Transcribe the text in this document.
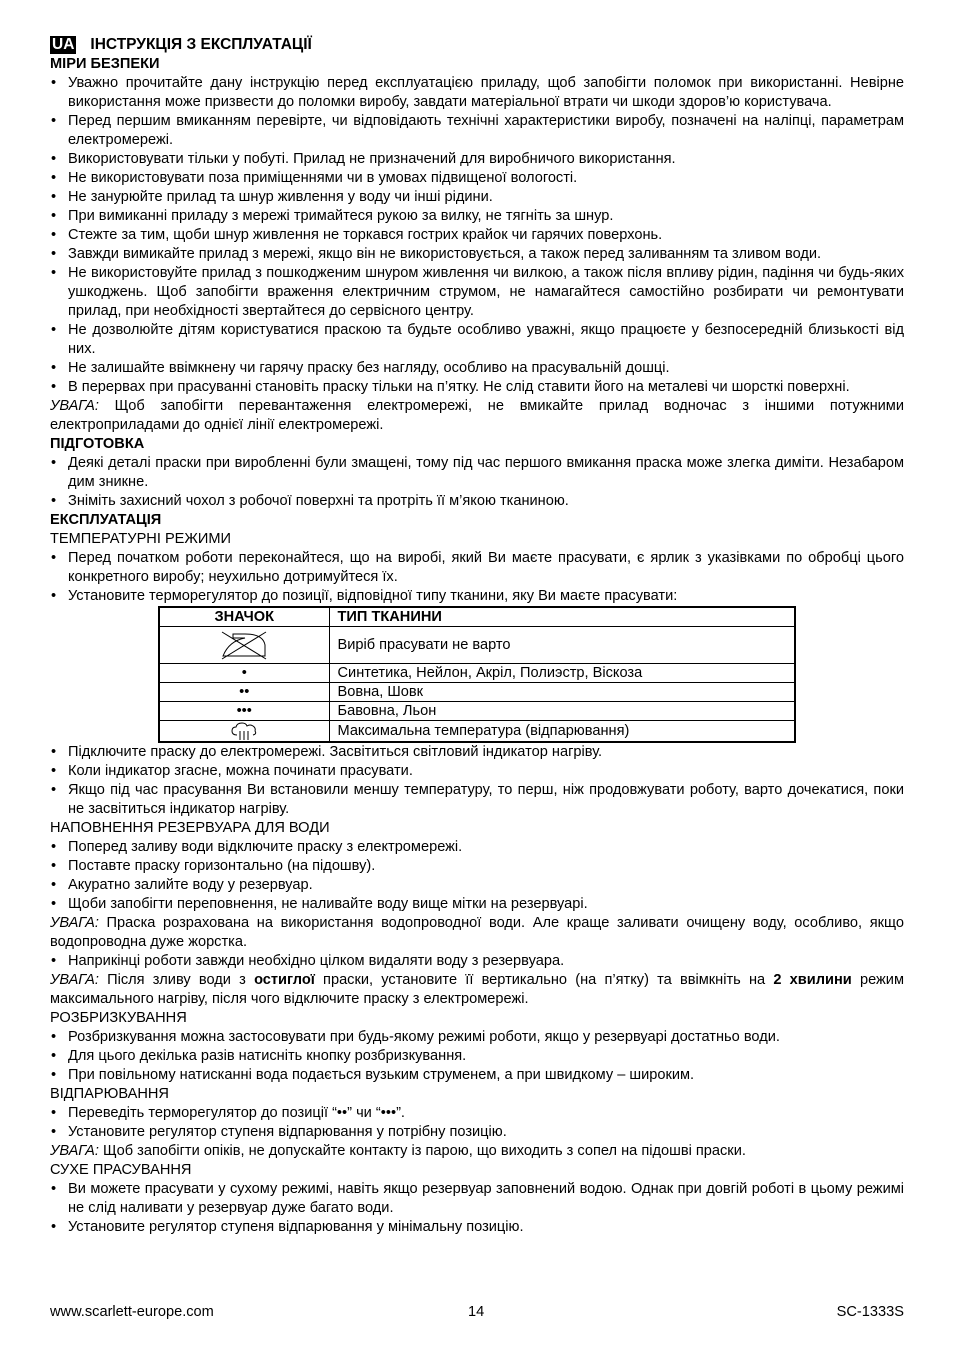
UA ІНСТРУКЦІЯ З ЕКСПЛУАТАЦІЇ
МІРИ БЕЗПЕКИ
• Уважно прочитайте дану інструкцію перед експлуатацією приладу, щоб запобігти поломок при використанні. Невірне використання може призвести до поломки виробу, завдати матеріальної втрати чи шкоди здоров’ю користувача.
• Перед першим вмиканням перевірте, чи відповідають технічні характеристики виробу, позначені на наліпці, параметрам електромережі.
• Використовувати тільки у побуті. Прилад не призначений для виробничого використання.
• Не використовувати поза приміщеннями чи в умовах підвищеної вологості.
• Не занурюйте прилад та шнур живлення у воду чи інші рідини.
• При вимиканні приладу з мережі тримайтеся рукою за вилку, не тягніть за шнур.
• Стежте за тим, щоби шнур живлення не торкався гострих крайок чи гарячих поверхонь.
• Завжди вимикайте прилад з мережі, якщо він не використовується, а також перед заливанням та зливом води.
• Не використовуйте прилад з пошкодженим шнуром живлення чи вилкою, а також після впливу рідин, падіння чи будь-яких ушкоджень. Щоб запобігти враження електричним струмом, не намагайтеся самостійно розбирати чи ремонтувати прилад, при необхідності звертайтеся до сервісного центру.
• Не дозволюйте дітям користуватися праскою та будьте особливо уважні, якщо працюєте у безпосередній близькості від них.
• Не залишайте ввімкнену чи гарячу праску без нагляду, особливо на прасувальній дошці.
• В перервах при прасуванні становіть праску тільки на п’ятку. Не слід ставити його на металеві чи шорсткі поверхні.
УВАГА: Щоб запобігти перевантаження електромережі, не вмикайте прилад водночас з іншими потужними електроприладами до однієї лінії електромережі.
ПІДГОТОВКА
• Деякі деталі праски при виробленні були змащені, тому під час першого вмикання праска може злегка диміти. Незабаром дим зникне.
• Зніміть захисний чохол з робочої поверхні та протріть її м’якою тканиною.
ЕКСПЛУАТАЦІЯ
ТЕМПЕРАТУРНІ РЕЖИМИ
• Перед початком роботи переконайтеся, що на виробі, який Ви маєте прасувати, є ярлик з указівками по обробці цього конкретного виробу; неухильно дотримуйтеся їх.
• Установите терморегулятор до позиції, відповідної типу тканини, яку Ви маєте прасувати:
ЗНАЧОК	ТИП ТКАНИНИ

	Виріб прасувати не варто
•	Синтетика, Нейлон, Акріл, Полиэстр, Віскоза
••	Вовна, Шовк
•••	Бавовна, Льон

	Максимальна температура (відпарювання)
• Підключите праску до електромережі. Засвітиться світловий індикатор нагріву.
• Коли індикатор згасне, можна починати прасувати.
• Якщо під час прасування Ви встановили меншу температуру, то перш, ніж продовжувати роботу, варто дочекатися, поки не засвітиться індикатор нагріву.
НАПОВНЕННЯ РЕЗЕРВУАРА ДЛЯ ВОДИ
• Поперед заливу води відключите праску з електромережі.
• Поставте праску горизонтально (на підошву).
• Акуратно залийте воду у резервуар.
• Щоби запобігти переповнення, не наливайте воду вище мітки на резервуарі.
УВАГА: Праска розрахована на використання водопроводної води. Але краще заливати очищену воду, особливо, якщо водопроводна дуже жорстка.
• Наприкінці роботи завжди необхідно цілком видаляти воду з резервуара.
УВАГА: Після зливу води з остиглої праски, установите її вертикально (на п’ятку) та ввімкніть на 2 хвилини режим максимального нагріву, після чого відключите праску з електромережі.
РОЗБРИЗКУВАННЯ
• Розбризкування можна застосовувати при будь-якому режимі роботи, якщо у резервуарі достатньо води.
• Для цього декілька разів натисніть кнопку розбризкування.
• При повільному натисканні вода подається вузьким струменем, а при швидкому – широким.
ВІДПАРЮВАННЯ
• Переведіть терморегулятор до позиції “••” чи “•••”.
• Установите регулятор ступеня відпарювання у потрібну позицію.
УВАГА: Щоб запобігти опіків, не допускайте контакту із парою, що виходить з сопел на підошві праски.
СУХЕ ПРАСУВАННЯ
• Ви можете прасувати у сухому режимі, навіть якщо резервуар заповнений водою. Однак при довгій роботі в цьому режимі не слід наливати у резервуар дуже багато води.
• Установите регулятор ступеня відпарювання у мінімальну позицію.
www.scarlett-europe.com	14	SC-1333S
